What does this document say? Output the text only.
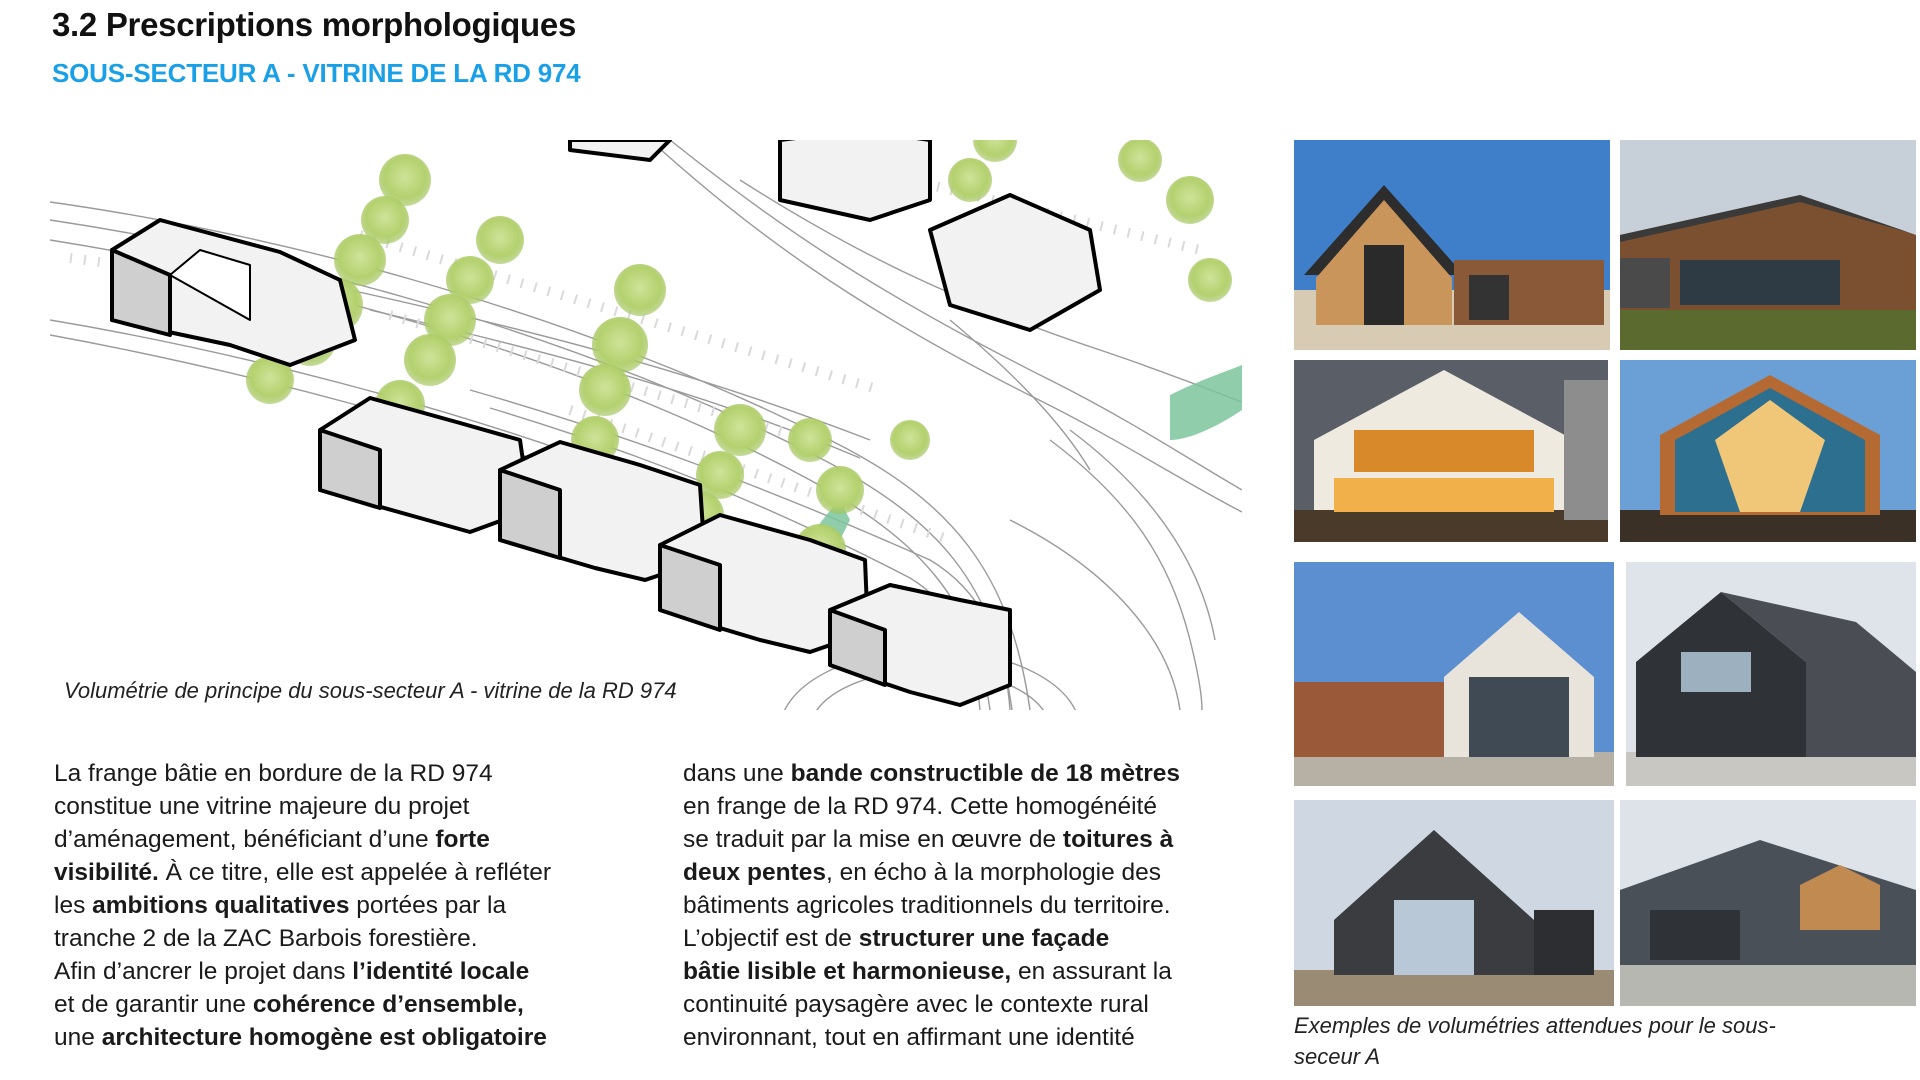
3.2 Prescriptions morphologiques
SOUS-SECTEUR A - VITRINE DE LA RD 974
Volumétrie de principe du sous-secteur A - vitrine de la RD 974
La frange bâtie en bordure de la RD 974
constitue une vitrine majeure du projet
d’aménagement, bénéficiant d’une forte
visibilité. À ce titre, elle est appelée à refléter
les ambitions qualitatives portées par la
tranche 2 de la ZAC Barbois forestière.
Afin d’ancrer le projet dans l’identité locale
et de garantir une cohérence d’ensemble,
une architecture homogène est obligatoire
dans une bande constructible de 18 mètres
en frange de la RD 974. Cette homogénéité
se traduit par la mise en œuvre de toitures à
deux pentes, en écho à la morphologie des
bâtiments agricoles traditionnels du territoire.
L’objectif est de structurer une façade
bâtie lisible et harmonieuse, en assurant la
continuité paysagère avec le contexte rural
environnant, tout en affirmant une identité	Exemples de volumétries attendues pour le sous-
seceur A
